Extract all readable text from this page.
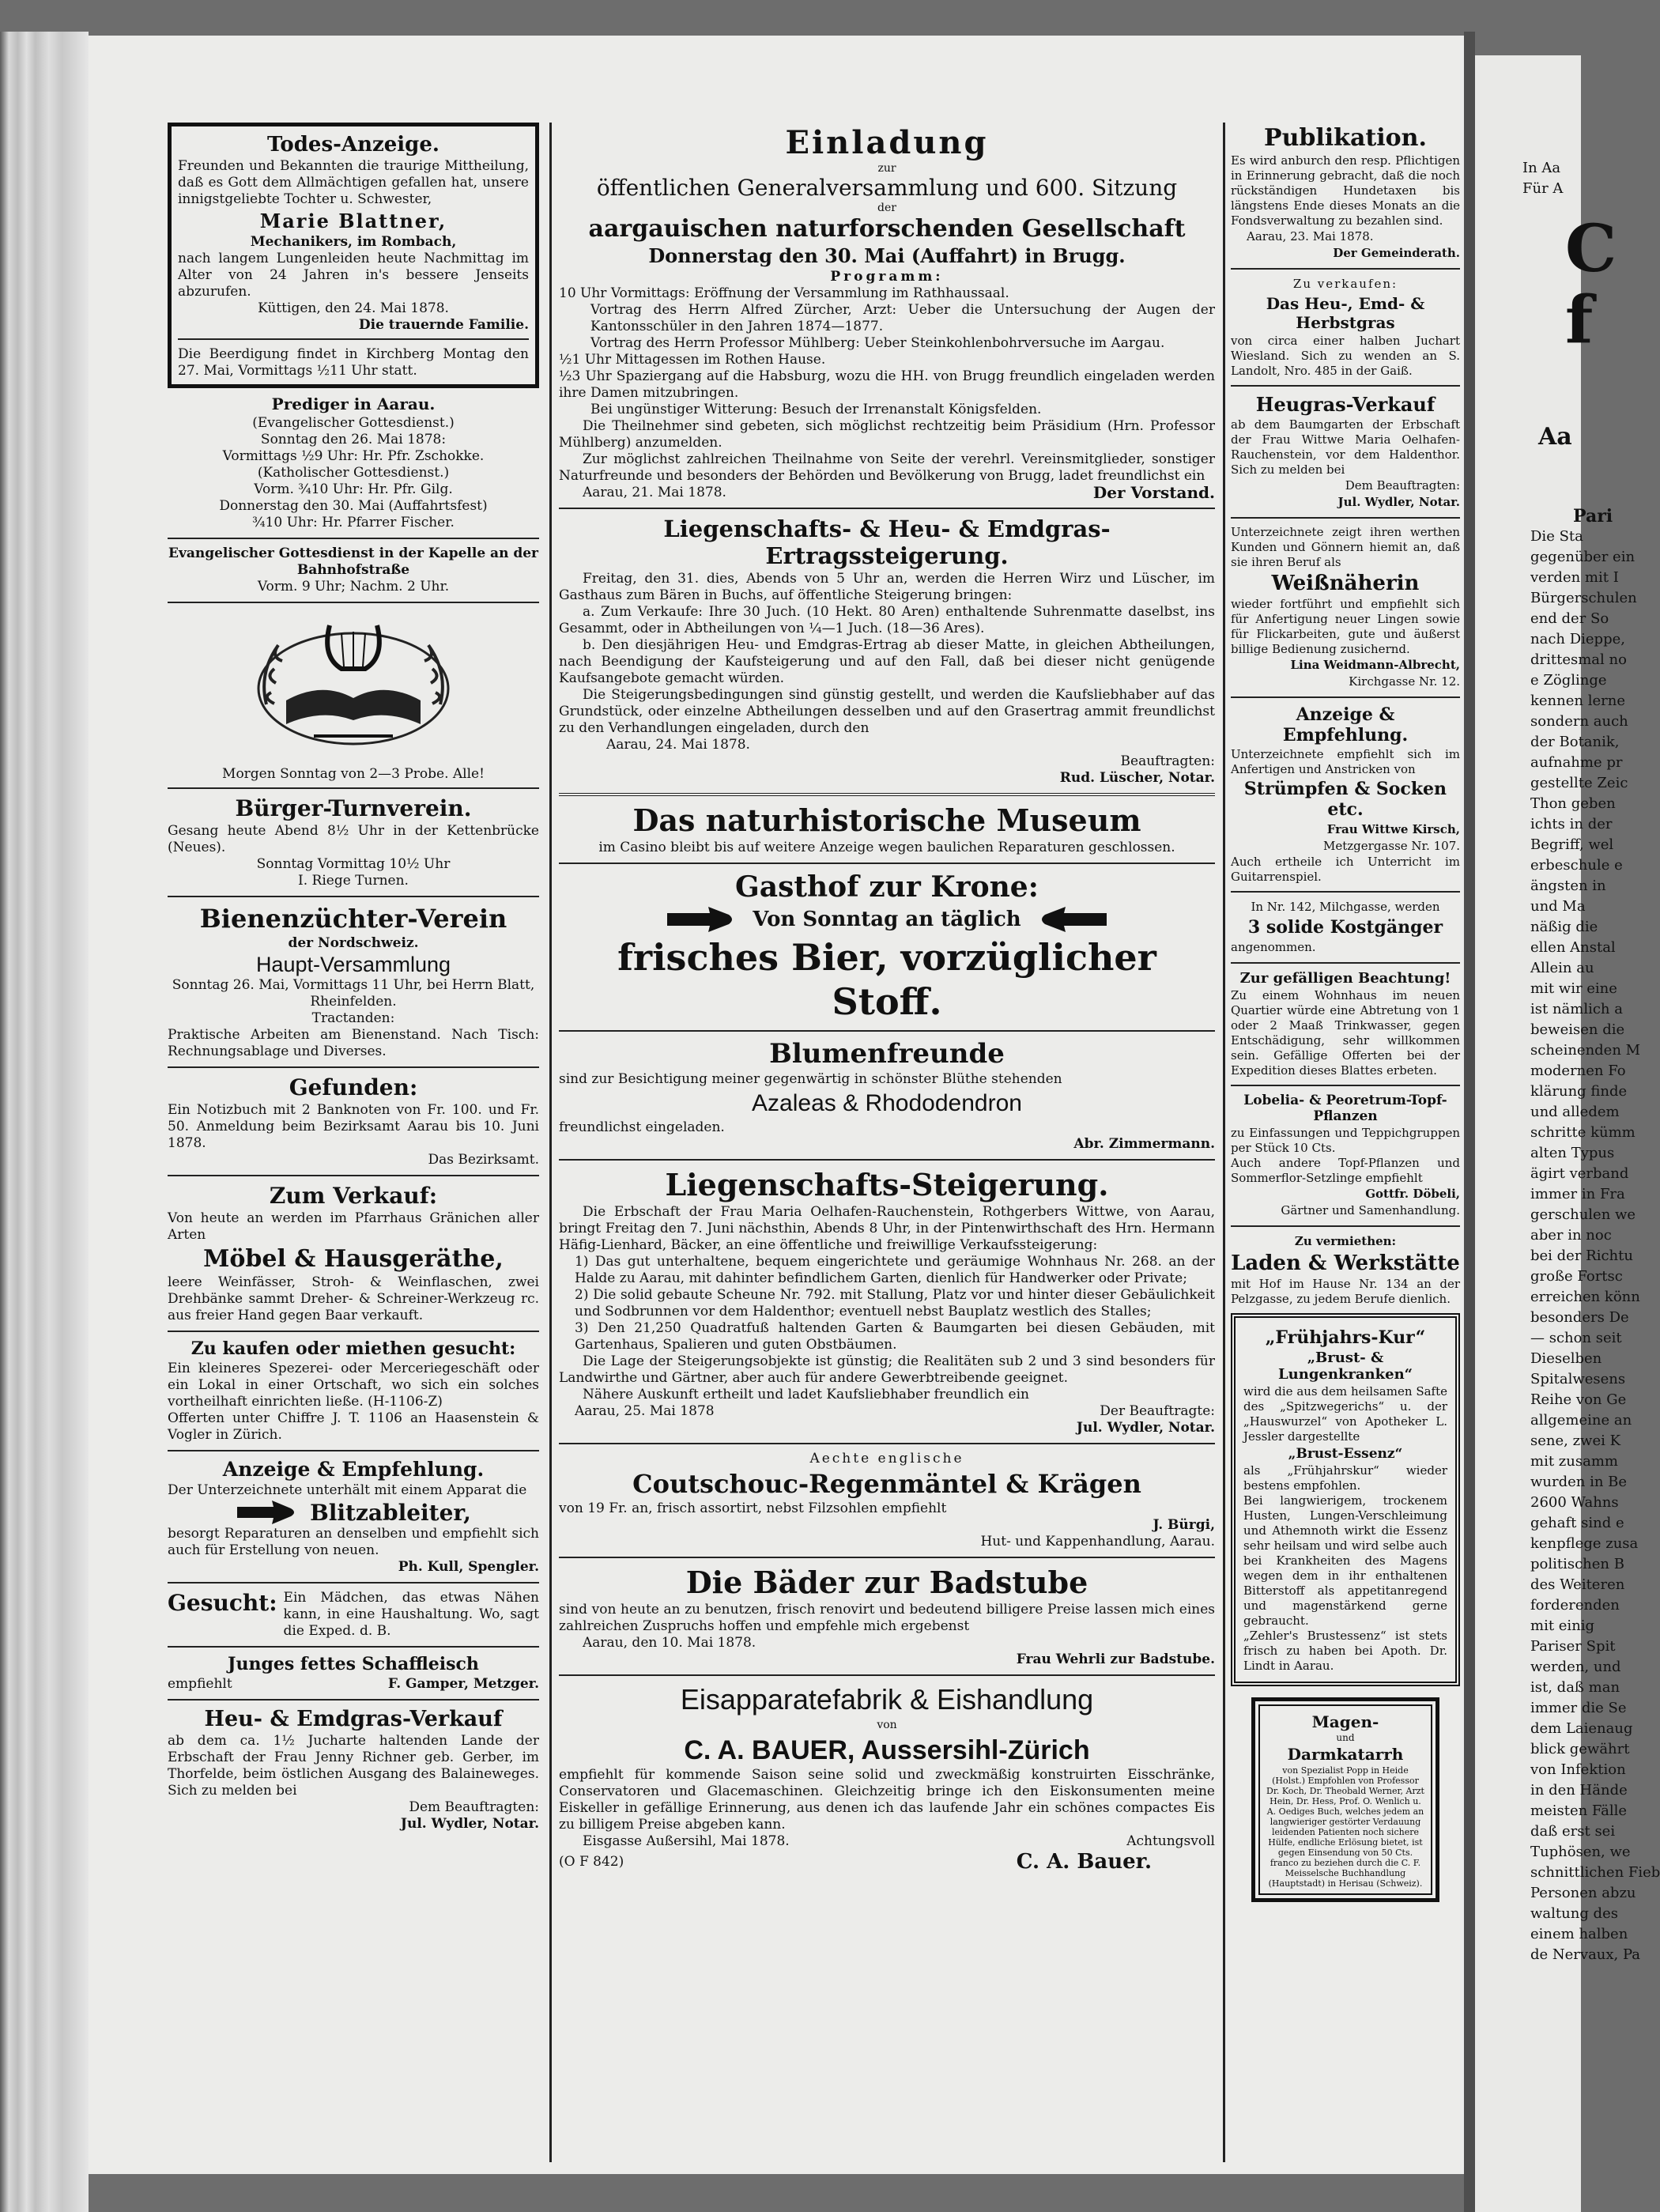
Todes-Anzeige.

Freunden und Bekannten die traurige Mittheilung, daß es Gott dem Allmächtigen gefallen hat, unsere innigstgeliebte Tochter u. Schwester,

Marie Blattner,

Mechanikers, im Rombach,

nach langem Lungenleiden heute Nachmittag im Alter von 24 Jahren in's bessere Jenseits abzurufen.

Küttigen, den 24. Mai 1878.

Die trauernde Familie.

Die Beerdigung findet in Kirchberg Montag den 27. Mai, Vormittags ½11 Uhr statt.

Prediger in Aarau.

(Evangelischer Gottesdienst.)

Sonntag den 26. Mai 1878:

Vormittags ½9 Uhr: Hr. Pfr. Zschokke.

(Katholischer Gottesdienst.)

Vorm. ¾10 Uhr: Hr. Pfr. Gilg.

Donnerstag den 30. Mai (Auffahrtsfest)

¾10 Uhr: Hr. Pfarrer Fischer.

Evangelischer Gottesdienst in der Kapelle an der Bahnhofstraße

Vorm. 9 Uhr; Nachm. 2 Uhr.

Morgen Sonntag von 2—3 Probe. Alle!

Bürger-Turnverein.

Gesang heute Abend 8½ Uhr in der Kettenbrücke (Neues).

Sonntag Vormittag 10½ Uhr

I. Riege Turnen.

Bienenzüchter-Verein

der Nordschweiz.

Haupt-Versammlung

Sonntag 26. Mai, Vormittags 11 Uhr, bei Herrn Blatt, Rheinfelden.

Tractanden:

Praktische Arbeiten am Bienenstand. Nach Tisch: Rechnungsablage und Diverses.

Gefunden:

Ein Notizbuch mit 2 Banknoten von Fr. 100. und Fr. 50. Anmeldung beim Bezirksamt Aarau bis 10. Juni 1878.

Das Bezirksamt.

Zum Verkauf:

Von heute an werden im Pfarrhaus Gränichen aller Arten

Möbel & Hausgeräthe,

leere Weinfässer, Stroh- & Weinflaschen, zwei Drehbänke sammt Dreher- & Schreiner-Werkzeug rc. aus freier Hand gegen Baar verkauft.

Zu kaufen oder miethen gesucht:

Ein kleineres Spezerei- oder Merceriegeschäft oder ein Lokal in einer Ortschaft, wo sich ein solches vortheilhaft einrichten ließe. (H-1106-Z)

Offerten unter Chiffre J. T. 1106 an Haasenstein & Vogler in Zürich.

Anzeige & Empfehlung.

Der Unterzeichnete unterhält mit einem Apparat die

Blitzableiter,

besorgt Reparaturen an denselben und empfiehlt sich auch für Erstellung von neuen.

Ph. Kull, Spengler.

Gesucht: Ein Mädchen, das etwas Nähen kann, in eine Haushaltung. Wo, sagt die Exped. d. B.

Junges fettes Schaffleisch
empfiehlt	F. Gamper, Metzger.
Heu- & Emdgras-Verkauf

ab dem ca. 1½ Jucharte haltenden Lande der Erbschaft der Frau Jenny Richner geb. Gerber, im Thorfelde, beim östlichen Ausgang des Balaineweges. Sich zu melden bei

Dem Beauftragten:

Jul. Wydler, Notar.

Einladung

zur

öffentlichen Generalversammlung und 600. Sitzung

der

aargauischen naturforschenden Gesellschaft
Donnerstag den 30. Mai (Auffahrt) in Brugg.

Programm:

10 Uhr Vormittags: Eröffnung der Versammlung im Rathhaussaal.

Vortrag des Herrn Alfred Zürcher, Arzt: Ueber die Untersuchung der Augen der Kantonsschüler in den Jahren 1874—1877.

Vortrag des Herrn Professor Mühlberg: Ueber Steinkohlenbohrversuche im Aargau.

½1 Uhr Mittagessen im Rothen Hause.

½3 Uhr Spaziergang auf die Habsburg, wozu die HH. von Brugg freundlich eingeladen werden ihre Damen mitzubringen.

Bei ungünstiger Witterung: Besuch der Irrenanstalt Königsfelden.

Die Theilnehmer sind gebeten, sich möglichst rechtzeitig beim Präsidium (Hrn. Professor Mühlberg) anzumelden.

Zur möglichst zahlreichen Theilnahme von Seite der verehrl. Vereinsmitglieder, sonstiger Naturfreunde und besonders der Behörden und Bevölkerung von Brugg, ladet freundlichst ein

Aarau, 21. Mai 1878.	Der Vorstand.
Liegenschafts- & Heu- & Emdgras-Ertragssteigerung.

Freitag, den 31. dies, Abends von 5 Uhr an, werden die Herren Wirz und Lüscher, im Gasthaus zum Bären in Buchs, auf öffentliche Steigerung bringen:

a. Zum Verkaufe: Ihre 30 Juch. (10 Hekt. 80 Aren) enthaltende Suhrenmatte daselbst, ins Gesammt, oder in Abtheilungen von ¼—1 Juch. (18—36 Ares).

b. Den diesjährigen Heu- und Emdgras-Ertrag ab dieser Matte, in gleichen Abtheilungen, nach Beendigung der Kaufsteigerung und auf den Fall, daß bei dieser nicht genügende Kaufsangebote gemacht würden.

Die Steigerungsbedingungen sind günstig gestellt, und werden die Kaufsliebhaber auf das Grundstück, oder einzelne Abtheilungen desselben und auf den Grasertrag ammit freundlichst zu den Verhandlungen eingeladen, durch den

Aarau, 24. Mai 1878.

Beauftragten:

Rud. Lüscher, Notar.

Das naturhistorische Museum

im Casino bleibt bis auf weitere Anzeige wegen baulichen Reparaturen geschlossen.

Gasthof zur Krone:
Von Sonntag an täglich
frisches Bier, vorzüglicher Stoff.
Blumenfreunde

sind zur Besichtigung meiner gegenwärtig in schönster Blüthe stehenden

Azaleas & Rhododendron

freundlichst eingeladen.

Abr. Zimmermann.

Liegenschafts-Steigerung.

Die Erbschaft der Frau Maria Oelhafen-Rauchenstein, Rothgerbers Wittwe, von Aarau, bringt Freitag den 7. Juni nächsthin, Abends 8 Uhr, in der Pintenwirthschaft des Hrn. Hermann Häfig-Lienhard, Bäcker, an eine öffentliche und freiwillige Verkaufssteigerung:

1) Das gut unterhaltene, bequem eingerichtete und geräumige Wohnhaus Nr. 268. an der Halde zu Aarau, mit dahinter befindlichem Garten, dienlich für Handwerker oder Private;

2) Die solid gebaute Scheune Nr. 792. mit Stallung, Platz vor und hinter dieser Gebäulichkeit und Sodbrunnen vor dem Haldenthor; eventuell nebst Bauplatz westlich des Stalles;

3) Den 21,250 Quadratfuß haltenden Garten & Baumgarten bei diesen Gebäuden, mit Gartenhaus, Spalieren und guten Obstbäumen.

Die Lage der Steigerungsobjekte ist günstig; die Realitäten sub 2 und 3 sind besonders für Landwirthe und Gärtner, aber auch für andere Gewerbtreibende geeignet.

Nähere Auskunft ertheilt und ladet Kaufsliebhaber freundlich ein

Aarau, 25. Mai 1878	Der Beauftragte:

Jul. Wydler, Notar.

Aechte englische

Coutschouc-Regenmäntel & Krägen

von 19 Fr. an, frisch assortirt, nebst Filzsohlen empfiehlt

J. Bürgi,

Hut- und Kappenhandlung, Aarau.

Die Bäder zur Badstube

sind von heute an zu benutzen, frisch renovirt und bedeutend billigere Preise lassen mich eines zahlreichen Zuspruchs hoffen und empfehle mich ergebenst

Aarau, den 10. Mai 1878.

Frau Wehrli zur Badstube.

Eisapparatefabrik & Eishandlung

von

C. A. BAUER, Aussersihl-Zürich

empfiehlt für kommende Saison seine solid und zweckmäßig konstruirten Eisschränke, Conservatoren und Glacemaschinen. Gleichzeitig bringe ich den Eiskonsumenten meine Eiskeller in gefällige Erinnerung, aus denen ich das laufende Jahr ein schönes compactes Eis zu billigem Preise abgeben kann.

Eisgasse Außersihl, Mai 1878.	Achtungsvoll
(O F 842)	C. A. Bauer.
Publikation.

Es wird anburch den resp. Pflichtigen in Erinnerung gebracht, daß die noch rückständigen Hundetaxen bis längstens Ende dieses Monats an die Fondsverwaltung zu bezahlen sind.

Aarau, 23. Mai 1878.

Der Gemeinderath.

Zu verkaufen:

Das Heu-, Emd- & Herbstgras

von circa einer halben Juchart Wiesland. Sich zu wenden an S. Landolt, Nro. 485 in der Gaiß.

Heugras-Verkauf

ab dem Baumgarten der Erbschaft der Frau Wittwe Maria Oelhafen-Rauchenstein, vor dem Haldenthor. Sich zu melden bei

Dem Beauftragten:

Jul. Wydler, Notar.

Unterzeichnete zeigt ihren werthen Kunden und Gönnern hiemit an, daß sie ihren Beruf als

Weißnäherin

wieder fortführt und empfiehlt sich für Anfertigung neuer Lingen sowie für Flickarbeiten, gute und äußerst billige Bedienung zusichernd.

Lina Weidmann-Albrecht,

Kirchgasse Nr. 12.

Anzeige & Empfehlung.

Unterzeichnete empfiehlt sich im Anfertigen und Anstricken von

Strümpfen & Socken etc.

Frau Wittwe Kirsch,

Metzgergasse Nr. 107.

Auch ertheile ich Unterricht im Guitarrenspiel.

In Nr. 142, Milchgasse, werden

3 solide Kostgänger

angenommen.

Zur gefälligen Beachtung!

Zu einem Wohnhaus im neuen Quartier würde eine Abtretung von 1 oder 2 Maaß Trinkwasser, gegen Entschädigung, sehr willkommen sein. Gefällige Offerten bei der Expedition dieses Blattes erbeten.

Lobelia- & Peoretrum-Topf-Pflanzen

zu Einfassungen und Teppichgruppen per Stück 10 Cts.

Auch andere Topf-Pflanzen und Sommerflor-Setzlinge empfiehlt

Gottfr. Döbeli,

Gärtner und Samenhandlung.

Zu vermiethen:

Laden & Werkstätte

mit Hof im Hause Nr. 134 an der Pelzgasse, zu jedem Berufe dienlich.

„Frühjahrs-Kur“
„Brust- & Lungenkranken“

wird die aus dem heilsamen Safte des „Spitzwegerichs“ u. der „Hauswurzel“ von Apotheker L. Jessler dargestellte

„Brust-Essenz“

als „Frühjahrskur“ wieder bestens empfohlen.

Bei langwierigem, trockenem Husten, Lungen-Verschleimung und Athemnoth wirkt die Essenz sehr heilsam und wird selbe auch bei Krankheiten des Magens wegen dem in ihr enthaltenen Bitterstoff als appetitanregend und magenstärkend gerne gebraucht.

„Zehler's Brustessenz“ ist stets frisch zu haben bei Apoth. Dr. Lindt in Aarau.

Magen-

und

Darmkatarrh

von Spezialist Popp in Heide (Holst.) Empfohlen von Professor Dr. Koch, Dr. Theobald Werner, Arzt Hein, Dr. Hess, Prof. O. Wenlich u. A. Oediges Buch, welches jedem an langwieriger gestörter Verdauung leidenden Patienten noch sichere Hülfe, endliche Erlösung bietet, ist gegen Einsendung von 50 Cts. franco zu beziehen durch die C. F. Meisselsche Buchhandlung (Hauptstadt) in Herisau (Schweiz).

In Aa

Für A

C

f

Aa

Pari

Die Sta

gegenüber ein

verden mit I

Bürgerschulen

end der So

nach Dieppe,

drittesmal no

e Zöglinge

kennen lerne

sondern auch

der Botanik,

aufnahme pr

gestellte Zeic

Thon geben

ichts in der

Begriff, wel

erbeschule e

ängsten in

und Ma

näßig die

ellen Anstal

Allein au

mit wir eine

ist nämlich a

beweisen die

scheinenden M

modernen Fo

klärung finde

und alledem

schritte kümm

alten Typus

ägirt verband

immer in Fra

gerschulen we

aber in noc

bei der Richtu

große Fortsc

erreichen könn

besonders De

— schon seit

Dieselben

Spitalwesens

Reihe von Ge

allgemeine an

sene, zwei K

mit zusamm

wurden in Be

2600 Wahns

gehaft sind e

kenpflege zusa

politischen B

des Weiteren

forderenden

mit einig

Pariser Spit

werden, und

ist, daß man

immer die Se

dem Laienaug

blick gewährt

von Infektion

in den Hände

meisten Fälle

daß erst sei

Tuphösen, we

schnittlichen Fieb

Personen abzu

waltung des

einem halben

de Nervaux, Pa
